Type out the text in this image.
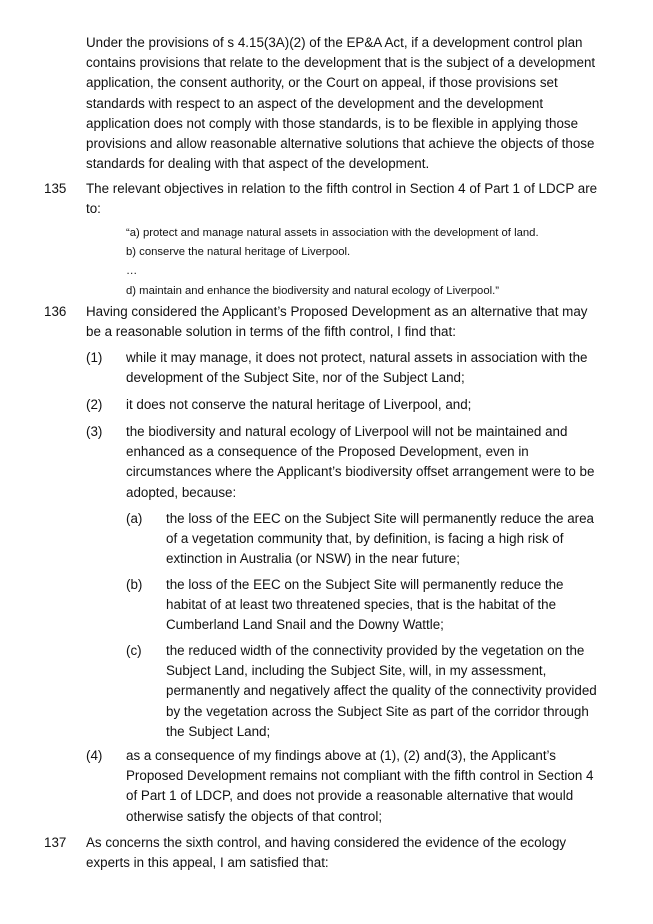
Under the provisions of s 4.15(3A)(2) of the EP&A Act, if a development control plan
contains provisions that relate to the development that is the subject of a development
application, the consent authority, or the Court on appeal, if those provisions set
standards with respect to an aspect of the development and the development
application does not comply with those standards, is to be flexible in applying those
provisions and allow reasonable alternative solutions that achieve the objects of those
standards for dealing with that aspect of the development.
135 The relevant objectives in relation to the fifth control in Section 4 of Part 1 of LDCP are
to:
“a) protect and manage natural assets in association with the development of land.
b) conserve the natural heritage of Liverpool.
…
d) maintain and enhance the biodiversity and natural ecology of Liverpool.”
136 Having considered the Applicant’s Proposed Development as an alternative that may
be a reasonable solution in terms of the fifth control, I find that:
(1) while it may manage, it does not protect, natural assets in association with the
development of the Subject Site, nor of the Subject Land;
(2) it does not conserve the natural heritage of Liverpool, and;
(3) the biodiversity and natural ecology of Liverpool will not be maintained and
enhanced as a consequence of the Proposed Development, even in
circumstances where the Applicant’s biodiversity offset arrangement were to be
adopted, because:
(a) the loss of the EEC on the Subject Site will permanently reduce the area
of a vegetation community that, by definition, is facing a high risk of
extinction in Australia (or NSW) in the near future;
(b) the loss of the EEC on the Subject Site will permanently reduce the
habitat of at least two threatened species, that is the habitat of the
Cumberland Land Snail and the Downy Wattle;
(c) the reduced width of the connectivity provided by the vegetation on the
Subject Land, including the Subject Site, will, in my assessment,
permanently and negatively affect the quality of the connectivity provided
by the vegetation across the Subject Site as part of the corridor through
the Subject Land;
(4) as a consequence of my findings above at (1), (2) and(3), the Applicant’s
Proposed Development remains not compliant with the fifth control in Section 4
of Part 1 of LDCP, and does not provide a reasonable alternative that would
otherwise satisfy the objects of that control;
137 As concerns the sixth control, and having considered the evidence of the ecology
experts in this appeal, I am satisfied that:
